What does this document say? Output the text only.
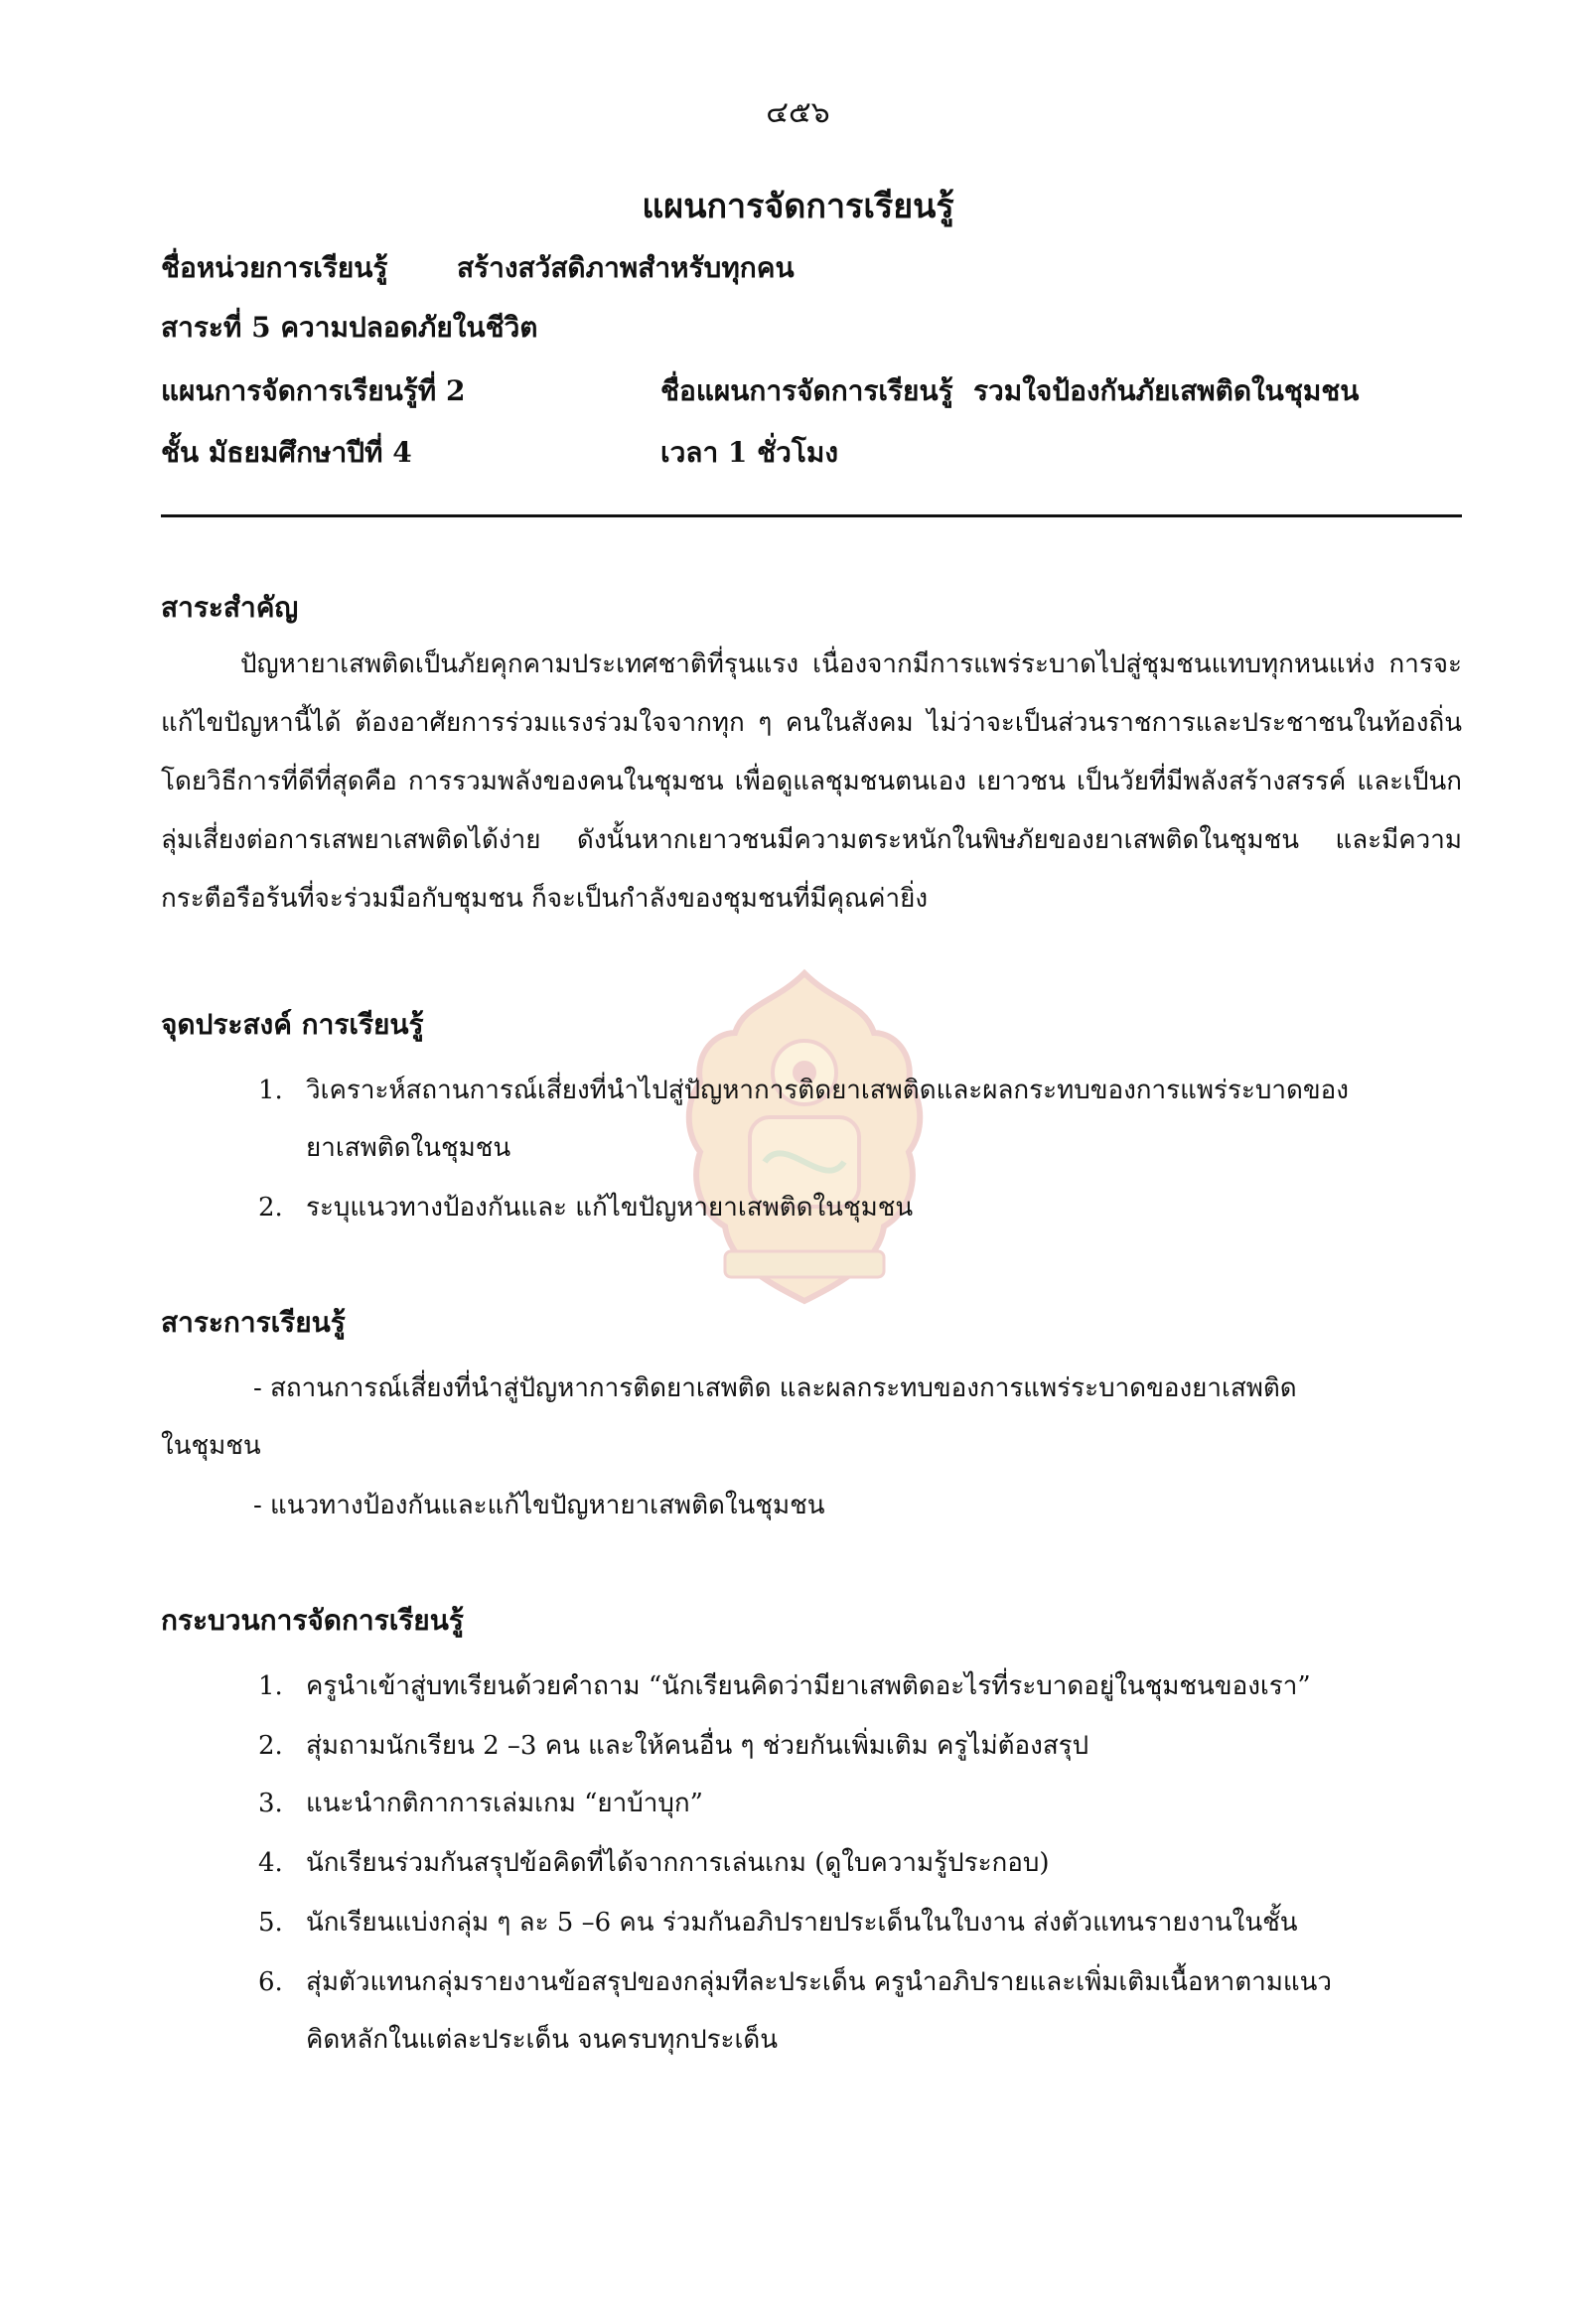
๔๕๖
แผนการจัดการเรียนรู้
ชื่อหน่วยการเรียนรู้ สร้างสวัสดิภาพสำหรับทุกคน
สาระที่ 5 ความปลอดภัยในชีวิต
แผนการจัดการเรียนรู้ที่ 2	ชื่อแผนการจัดการเรียนรู้ รวมใจป้องกันภัยเสพติดในชุมชน
ชั้น มัธยมศึกษาปีที่ 4	เวลา 1 ชั่วโมง
สาระสำคัญ
ปัญหายาเสพติดเป็นภัยคุกคามประเทศชาติที่รุนแรง เนื่องจากมีการแพร่ระบาดไปสู่ชุมชนแทบทุกหนแห่ง การจะแก้ไขปัญหานี้ได้ ต้องอาศัยการร่วมแรงร่วมใจจากทุก ๆ คนในสังคม ไม่ว่าจะเป็นส่วนราชการและประชาชนในท้องถิ่น โดยวิธีการที่ดีที่สุดคือ การรวมพลังของคนในชุมชน เพื่อดูแลชุมชนตนเอง เยาวชน เป็นวัยที่มีพลังสร้างสรรค์ และเป็นกลุ่มเสี่ยงต่อการเสพยาเสพติดได้ง่าย ดังนั้นหากเยาวชนมีความตระหนักในพิษภัยของยาเสพติดในชุมชน และมีความกระตือรือร้นที่จะร่วมมือกับชุมชน ก็จะเป็นกำลังของชุมชนที่มีคุณค่ายิ่ง
จุดประสงค์ การเรียนรู้
1. วิเคราะห์สถานการณ์เสี่ยงที่นำไปสู่ปัญหาการติดยาเสพติดและผลกระทบของการแพร่ระบาดของ
ยาเสพติดในชุมชน
2. ระบุแนวทางป้องกันและ แก้ไขปัญหายาเสพติดในชุมชน
สาระการเรียนรู้
- สถานการณ์เสี่ยงที่นำสู่ปัญหาการติดยาเสพติด และผลกระทบของการแพร่ระบาดของยาเสพติด
ในชุมชน
- แนวทางป้องกันและแก้ไขปัญหายาเสพติดในชุมชน
กระบวนการจัดการเรียนรู้
1. ครูนำเข้าสู่บทเรียนด้วยคำถาม “นักเรียนคิดว่ามียาเสพติดอะไรที่ระบาดอยู่ในชุมชนของเรา”
2. สุ่มถามนักเรียน 2 –3 คน และให้คนอื่น ๆ ช่วยกันเพิ่มเติม ครูไม่ต้องสรุป
3. แนะนำกติกาการเล่มเกม “ยาบ้าบุก”
4. นักเรียนร่วมกันสรุปข้อคิดที่ได้จากการเล่นเกม (ดูใบความรู้ประกอบ)
5. นักเรียนแบ่งกลุ่ม ๆ ละ 5 –6 คน ร่วมกันอภิปรายประเด็นในใบงาน ส่งตัวแทนรายงานในชั้น
6. สุ่มตัวแทนกลุ่มรายงานข้อสรุปของกลุ่มทีละประเด็น ครูนำอภิปรายและเพิ่มเติมเนื้อหาตามแนว
คิดหลักในแต่ละประเด็น จนครบทุกประเด็น
